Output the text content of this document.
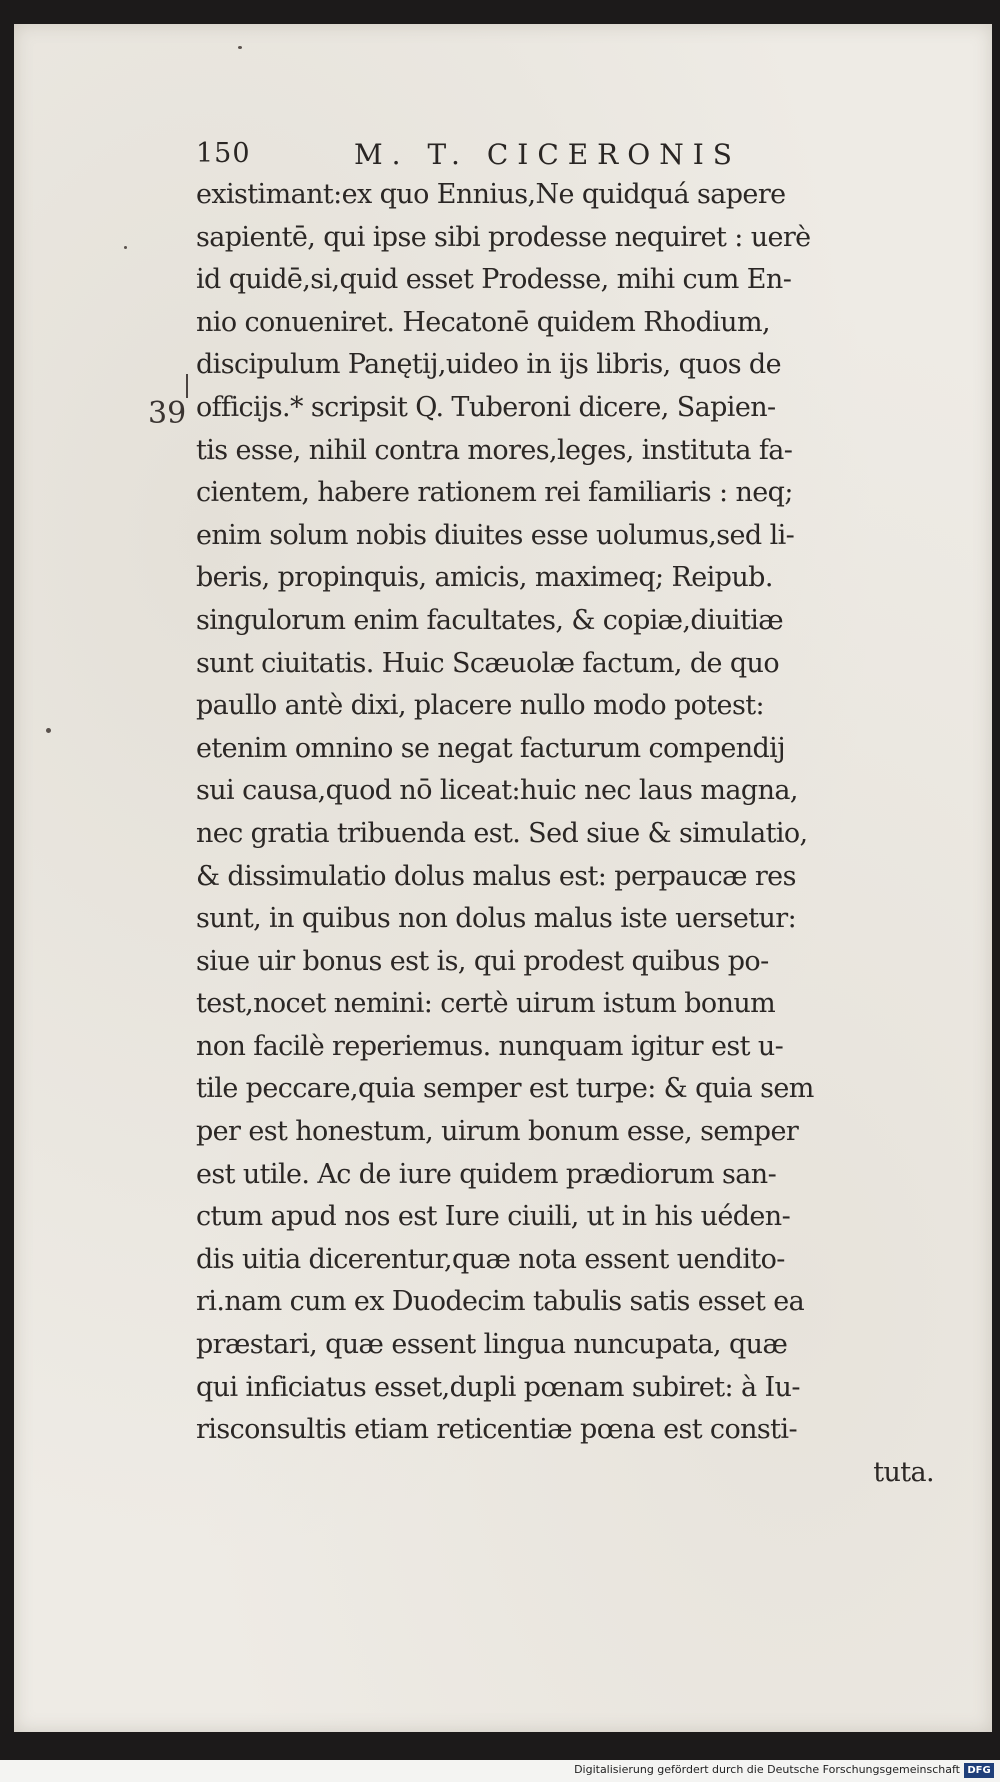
150	M. T. CICERONIS
39
existimant:ex quo Ennius,Ne quidquá sapere
sapientē, qui ipse sibi prodesse nequiret : uerè
id quidē,si,quid esset Prodesse, mihi cum En-
nio conueniret. Hecatonē quidem Rhodium,
discipulum Panętij,uideo in ijs libris, quos de
officijs.* scripsit Q. Tuberoni dicere, Sapien-
tis esse, nihil contra mores,leges, instituta fa-
cientem, habere rationem rei familiaris : neq;
enim solum nobis diuites esse uolumus,sed li-
beris, propinquis, amicis, maximeq; Reipub.
singulorum enim facultates, & copiæ,diuitiæ
sunt ciuitatis. Huic Scæuolæ factum, de quo
paullo antè dixi, placere nullo modo potest:
etenim omnino se negat facturum compendij
sui causa,quod nō liceat:huic nec laus magna,
nec gratia tribuenda est. Sed siue & simulatio,
& dissimulatio dolus malus est: perpaucæ res
sunt, in quibus non dolus malus iste uersetur:
siue uir bonus est is, qui prodest quibus po-
test,nocet nemini: certè uirum istum bonum
non facilè reperiemus. nunquam igitur est u-
tile peccare,quia semper est turpe: & quia sem
per est honestum, uirum bonum esse, semper
est utile. Ac de iure quidem prædiorum san-
ctum apud nos est Iure ciuili, ut in his uéden-
dis uitia dicerentur,quæ nota essent uendito-
ri.nam cum ex Duodecim tabulis satis esset ea
præstari, quæ essent lingua nuncupata, quæ
qui inficiatus esset,dupli pœnam subiret: à Iu-
risconsultis etiam reticentiæ pœna est consti-
tuta.
Digitalisierung gefördert durch die Deutsche Forschungsgemeinschaft DFG
